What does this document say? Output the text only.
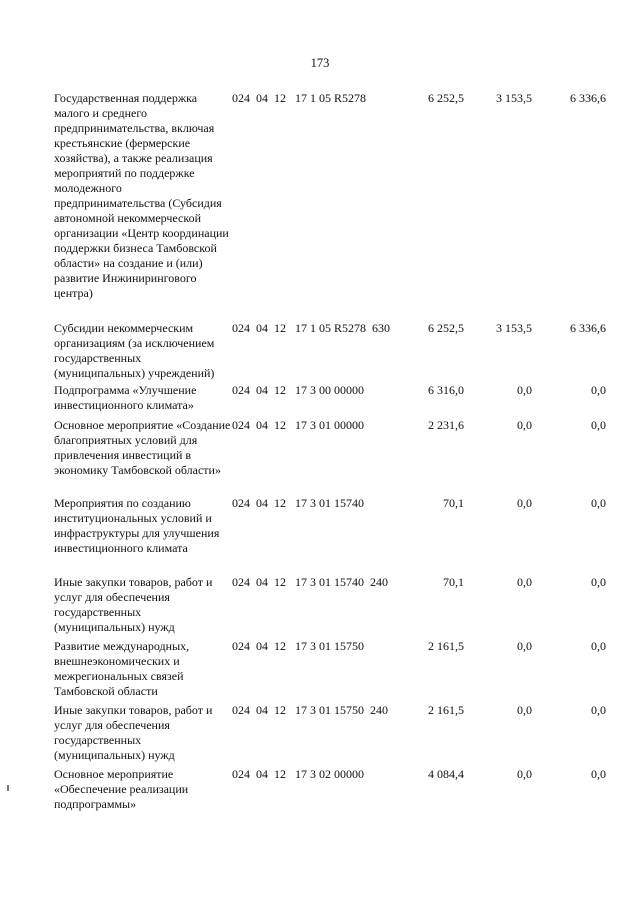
173
Государственная поддержка малого и среднего предпринимательства, включая крестьянские (фермерские хозяйства), а также реализация мероприятий по поддержке молодежного предпринимательства (Субсидия автономной некоммерческой организации «Центр координации поддержки бизнеса Тамбовской области» на создание и (или) развитие Инжинирингового центра)
024  04  12   17 1 05 R5278	6 252,5	3 153,5	6 336,6
Субсидии некоммерческим организациям (за исключением государственных (муниципальных) учреждений)
024  04  12   17 1 05 R5278  630	6 252,5	3 153,5	6 336,6
Подпрограмма «Улучшение инвестиционного климата»
024  04  12   17 3 00 00000	6 316,0	0,0	0,0
Основное мероприятие «Создание благоприятных условий для привлечения инвестиций в экономику Тамбовской области»
024  04  12   17 3 01 00000	2 231,6	0,0	0,0
Мероприятия по созданию институциональных условий и инфраструктуры для улучшения инвестиционного климата
024  04  12   17 3 01 15740	70,1	0,0	0,0
Иные закупки товаров, работ и услуг для обеспечения государственных (муниципальных) нужд
024  04  12   17 3 01 15740  240	70,1	0,0	0,0
Развитие международных, внешнеэкономических и межрегиональных связей Тамбовской области
024  04  12   17 3 01 15750	2 161,5	0,0	0,0
Иные закупки товаров, работ и услуг для обеспечения государственных (муниципальных) нужд
024  04  12   17 3 01 15750  240	2 161,5	0,0	0,0
Основное мероприятие «Обеспечение реализации подпрограммы»
024  04  12   17 3 02 00000	4 084,4	0,0	0,0
